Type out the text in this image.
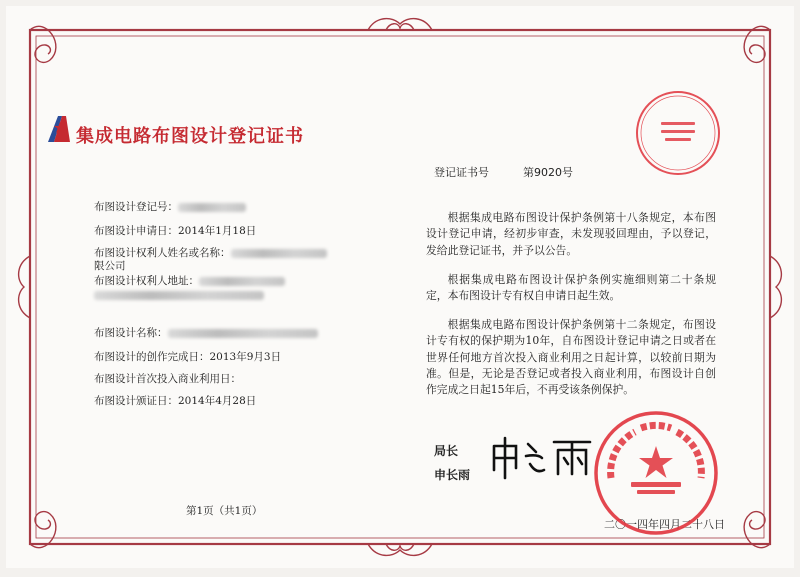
集成电路布图设计登记证书
布图设计登记号：
布图设计申请日：2014年1月18日
布图设计权利人姓名或名称：
限公司
布图设计权利人地址：
布图设计名称：
布图设计的创作完成日：2013年9月3日
布图设计首次投入商业利用日：
布图设计颁证日：2014年4月28日
登记证书号	第9020号

根据集成电路布图设计保护条例第十八条规定，本布图设计登记申请，经初步审查，未发现驳回理由，予以登记，发给此登记证书，并予以公告。

根据集成电路布图设计保护条例实施细则第二十条规定，本布图设计专有权自申请日起生效。

根据集成电路布图设计保护条例第十二条规定，布图设计专有权的保护期为10年，自布图设计登记申请之日或者在世界任何地方首次投入商业利用之日起计算，以较前日期为准。但是，无论是否登记或者投入商业利用，布图设计自创作完成之日起15年后，不再受该条例保护。

局长
申长雨
二〇一四年四月二十八日
第1页（共1页）
